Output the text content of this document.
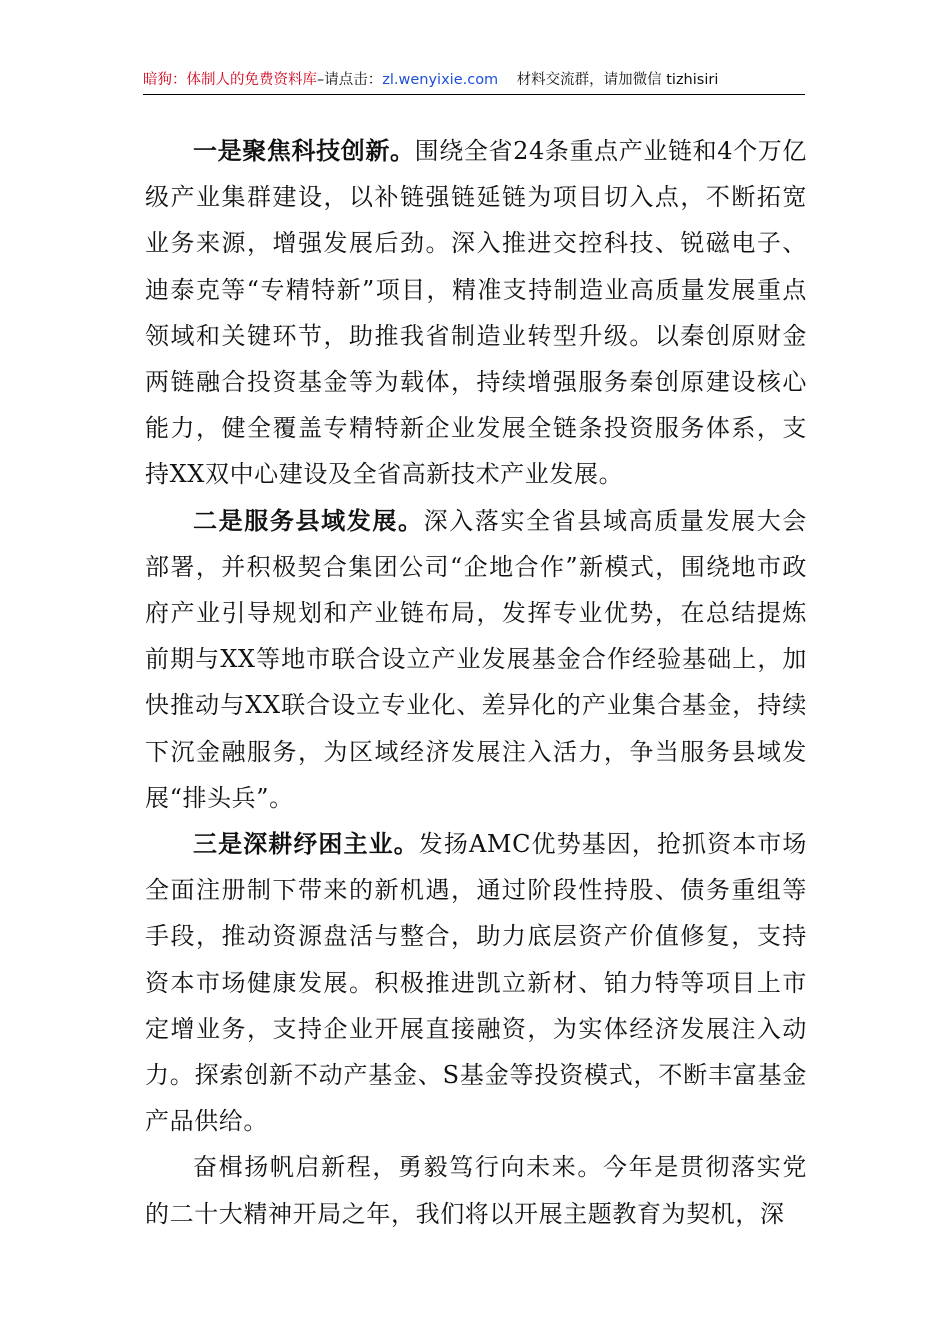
暗狗：体制人的免费资料库–请点击：zl.wenyixie.com 材料交流群，请加微信 tizhisiri

一是聚焦科技创新。围绕全省24条重点产业链和4个万亿级产业集群建设，以补链强链延链为项目切入点，不断拓宽业务来源，增强发展后劲。深入推进交控科技、锐磁电子、迪泰克等“专精特新”项目，精准支持制造业高质量发展重点领域和关键环节，助推我省制造业转型升级。以秦创原财金两链融合投资基金等为载体，持续增强服务秦创原建设核心能力，健全覆盖专精特新企业发展全链条投资服务体系，支持XX双中心建设及全省高新技术产业发展。

二是服务县域发展。深入落实全省县域高质量发展大会部署，并积极契合集团公司“企地合作”新模式，围绕地市政府产业引导规划和产业链布局，发挥专业优势，在总结提炼前期与XX等地市联合设立产业发展基金合作经验基础上，加快推动与XX联合设立专业化、差异化的产业集合基金，持续下沉金融服务，为区域经济发展注入活力，争当服务县域发展“排头兵”。

三是深耕纾困主业。发扬AMC优势基因，抢抓资本市场全面注册制下带来的新机遇，通过阶段性持股、债务重组等手段，推动资源盘活与整合，助力底层资产价值修复，支持资本市场健康发展。积极推进凯立新材、铂力特等项目上市定增业务，支持企业开展直接融资，为实体经济发展注入动力。探索创新不动产基金、S基金等投资模式，不断丰富基金产品供给。

奋楫扬帆启新程，勇毅笃行向未来。今年是贯彻落实党的二十大精神开局之年，我们将以开展主题教育为契机，深
